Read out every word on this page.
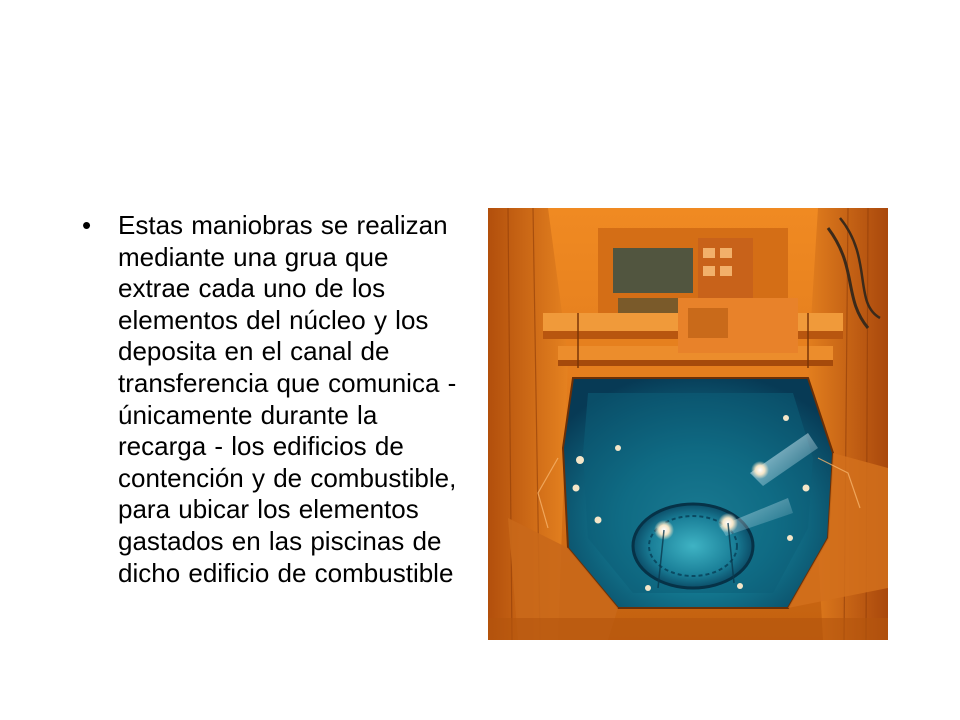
• Estas maniobras se realizan mediante una grua que extrae cada uno de los elementos del núcleo y los deposita en el canal de transferencia que comunica - únicamente durante la recarga - los edificios de contención y de combustible, para ubicar los elementos gastados en las piscinas de dicho edificio de combustible
